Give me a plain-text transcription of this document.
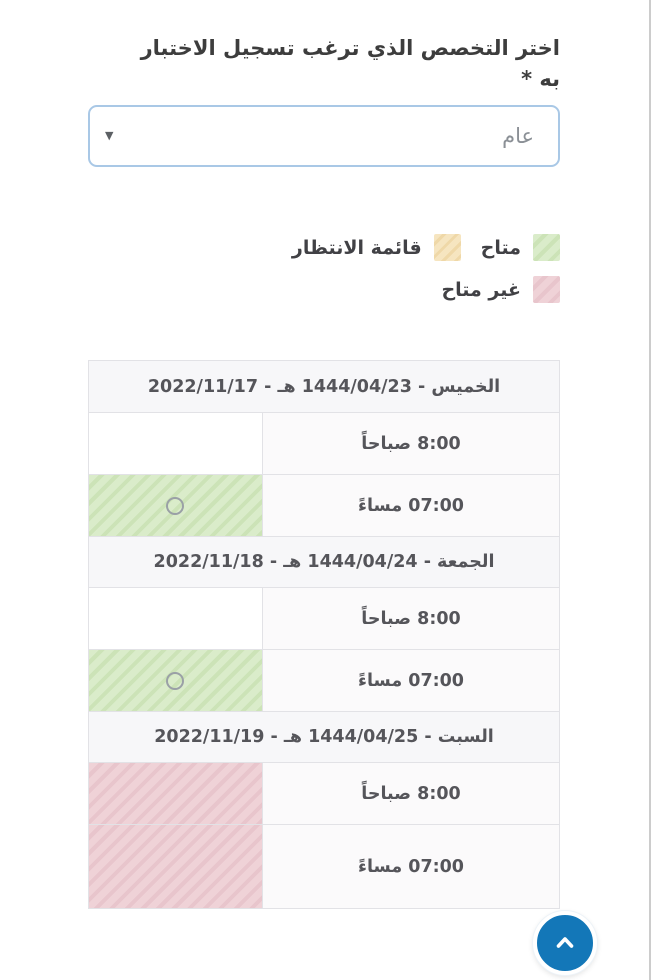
اختر التخصص الذي ترغب تسجيل الاختبار
به *
عام
▼
متاح
قائمة الانتظار
غير متاح
الخميس - 1444/04/23 هـ - 2022/11/17
8:00 صباحاً
07:00 مساءً
الجمعة - 1444/04/24 هـ - 2022/11/18
8:00 صباحاً
07:00 مساءً
السبت - 1444/04/25 هـ - 2022/11/19
8:00 صباحاً
07:00 مساءً
